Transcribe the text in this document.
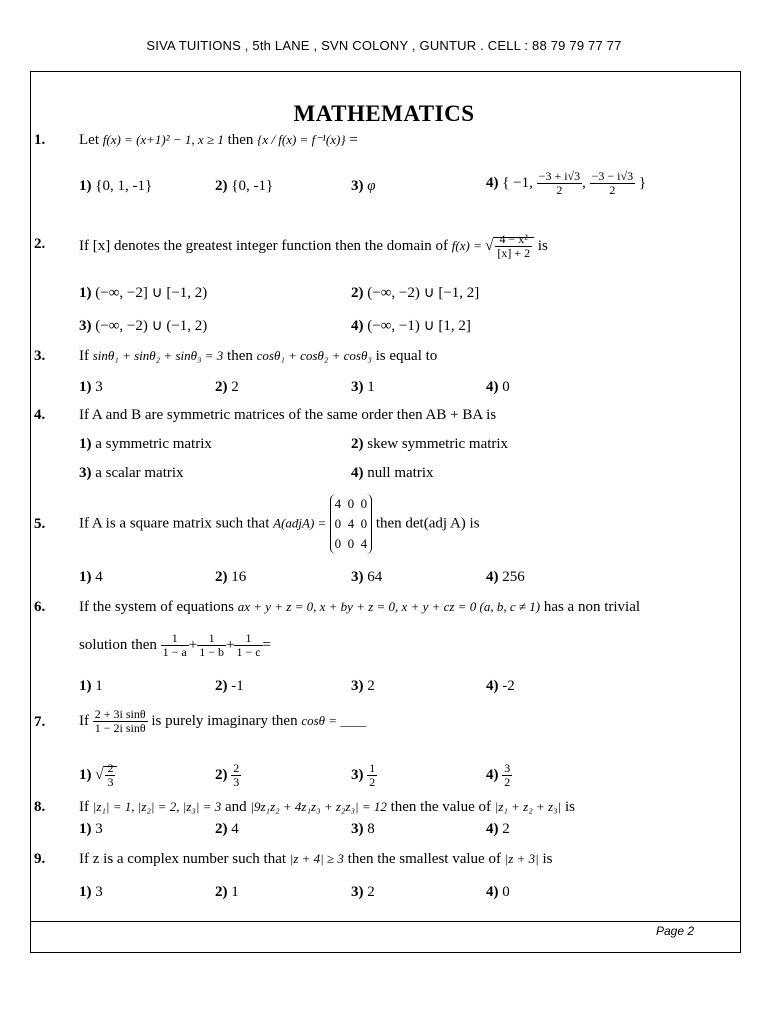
SIVA TUITIONS , 5th LANE , SVN COLONY , GUNTUR . CELL : 88 79 79 77 77
Page 2
MATHEMATICS
1. Let f(x) = (x+1)² − 1, x ≥ 1 then {x / f(x) = f⁻¹(x)} =
1) {0, 1, -1}	2) {0, -1}	3) φ	4) { −1, $\frac{-3 + i√3}{2}$ , $\frac{-3 - i√3}{2}$ }
2. If [x] denotes the greatest integer function then the domain of f(x) = √ $\frac{\text{4 − x²}}{[x] + 2}$ is
1) (−∞, −2] ∪ [−1, 2)	2) (−∞, −2) ∪ [−1, 2]
3) (−∞, −2) ∪ (−1, 2)	4) (−∞, −1) ∪ [1, 2]
3. If sinθ₁ + sinθ₂ + sinθ₃ = 3 then cosθ₁ + cosθ₂ + cosθ₃ is equal to
1) 3	2) 2	3) 1	4) 0
4. If A and B are symmetric matrices of the same order then AB + BA is
1) a symmetric matrix	2) skew symmetric matrix
3) a scalar matrix	4) null matrix
5. If A is a square matrix such that A(adjA) = 4 0 0
0 4 0
0 0 4 then det(adj A) is
1) 4	2) 16	3) 64	4) 256
6. If the system of equations ax + y + z = 0, x + by + z = 0, x + y + cz = 0 (a, b, c ≠ 1) has a non trivial
solution then $\frac{1}{1 - a} + \frac{1}{1 - b} + \frac{1}{1 - c}$ =
1) 1	2) -1	3) 2	4) -2
7. If $\frac{\text{2 + 3i sinθ}}{\text{1 − 2i sinθ}}$ is purely imaginary then cosθ = ____
1) √ $\frac{2}{3}$	$2) \frac{2}{3}$	$3) \frac{1}{2}$	$4) \frac{3}{2}$
8. If |z₁| = 1, |z₂| = 2, |z₃| = 3 and |9z₁z₂ + 4z₁z₃ + z₂z₃| = 12 then the value of |z₁ + z₂ + z₃| is
1) 3	2) 4	3) 8	4) 2
9. If z is a complex number such that |z + 4| ≥ 3 then the smallest value of |z + 3| is
1) 3	2) 1	3) 2	4) 0
